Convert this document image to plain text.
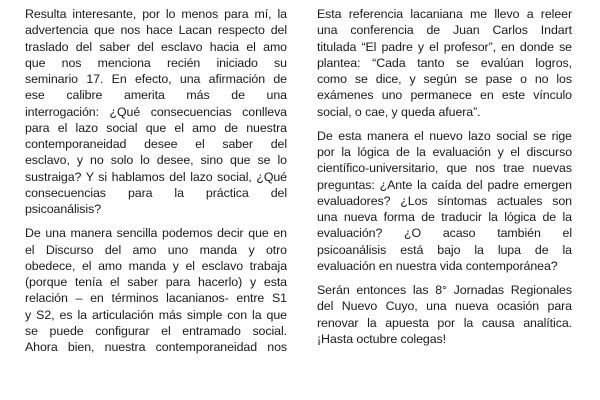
Resulta interesante, por lo menos para mí, la
advertencia que nos hace Lacan respecto del
traslado del saber del esclavo hacia el amo
que nos menciona recién iniciado su
seminario 17. En efecto, una afirmación de
ese calibre amerita más de una
interrogación: ¿Qué consecuencias conlleva
para el lazo social que el amo de nuestra
contemporaneidad desee el saber del
esclavo, y no solo lo desee, sino que se lo
sustraiga? Y si hablamos del lazo social, ¿Qué
consecuencias para la práctica del
psicoanálisis?
De una manera sencilla podemos decir que en
el Discurso del amo uno manda y otro
obedece, el amo manda y el esclavo trabaja
(porque tenía el saber para hacerlo) y esta
relación – en términos lacanianos- entre S1
y S2, es la articulación más simple con la que
se puede configurar el entramado social.
Ahora bien, nuestra contemporaneidad nos
Esta referencia lacaniana me llevo a releer
una conferencia de Juan Carlos Indart
titulada “El padre y el profesor”, en donde se
plantea: “Cada tanto se evalúan logros,
como se dice, y según se pase o no los
exámenes uno permanece en este vínculo
social, o cae, y queda afuera”.
De esta manera el nuevo lazo social se rige
por la lógica de la evaluación y el discurso
científico-universitario, que nos trae nuevas
preguntas: ¿Ante la caída del padre emergen
evaluadores? ¿Los síntomas actuales son
una nueva forma de traducir la lógica de la
evaluación? ¿O acaso también el
psicoanálisis está bajo la lupa de la
evaluación en nuestra vida contemporánea?
Serán entonces las 8° Jornadas Regionales
del Nuevo Cuyo, una nueva ocasión para
renovar la apuesta por la causa analítica.
¡Hasta octubre colegas!
